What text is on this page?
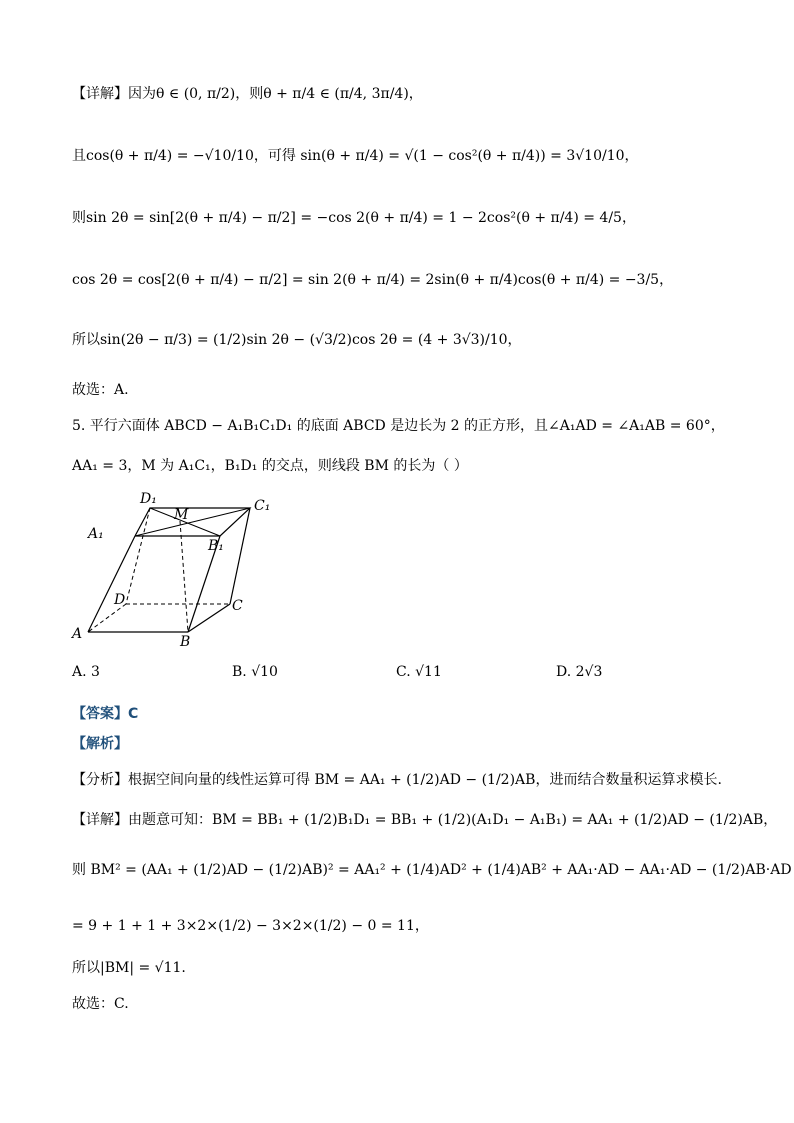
【详解】因为θ ∈ (0, π/2)，则θ + π/4 ∈ (π/4, 3π/4)，
且cos(θ + π/4) = −√10/10，可得 sin(θ + π/4) = √(1 − cos²(θ + π/4)) = 3√10/10，
则sin 2θ = sin[2(θ + π/4) − π/2] = −cos 2(θ + π/4) = 1 − 2cos²(θ + π/4) = 4/5，
cos 2θ = cos[2(θ + π/4) − π/2] = sin 2(θ + π/4) = 2sin(θ + π/4)cos(θ + π/4) = −3/5，
所以sin(2θ − π/3) = (1/2)sin 2θ − (√3/2)cos 2θ = (4 + 3√3)/10，
故选：A.
5. 平行六面体 ABCD − A₁B₁C₁D₁ 的底面 ABCD 是边长为 2 的正方形，且∠A₁AD = ∠A₁AB = 60°，
AA₁ = 3，M 为 A₁C₁，B₁D₁ 的交点，则线段 BM 的长为（ ）
D₁	C₁
A₁
B₁
M
D	C
A	B
A. 3	B. √10	C. √11	D. 2√3
【答案】C
【解析】
【分析】根据空间向量的线性运算可得 BM = AA₁ + (1/2)AD − (1/2)AB，进而结合数量积运算求模长.
【详解】由题意可知：BM = BB₁ + (1/2)B₁D₁ = BB₁ + (1/2)(A₁D₁ − A₁B₁) = AA₁ + (1/2)AD − (1/2)AB，
则 BM² = (AA₁ + (1/2)AD − (1/2)AB)² = AA₁² + (1/4)AD² + (1/4)AB² + AA₁·AD − AA₁·AD − (1/2)AB·AD
= 9 + 1 + 1 + 3×2×(1/2) − 3×2×(1/2) − 0 = 11，
所以|BM| = √11.
故选：C.
